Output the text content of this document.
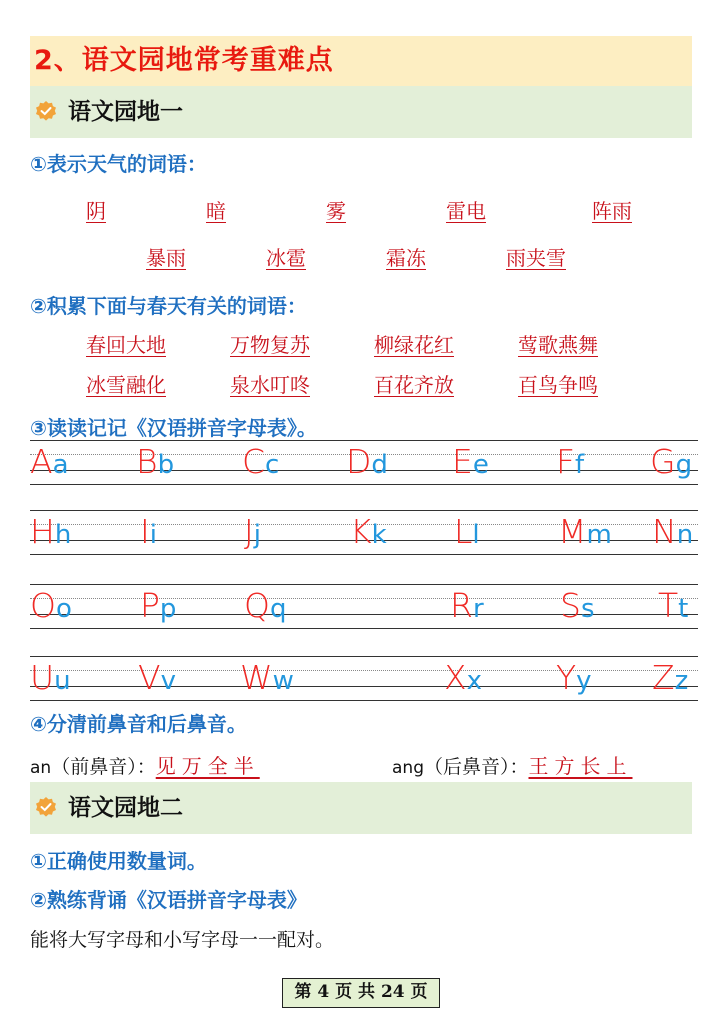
2、语文园地常考重难点
语文园地一
①表示天气的词语：
阴	暗	雾	雷电	阵雨
暴雨	冰雹	霜冻	雨夹雪
②积累下面与春天有关的词语：
春回大地	万物复苏	柳绿花红	莺歌燕舞
冰雪融化	泉水叮咚	百花齐放	百鸟争鸣
③读读记记《汉语拼音字母表》。
Aa Bb Cc Dd Ee Ff Gg
Hh Ii	Jj	Kk Ll Mm Nn
Oo Pp Qq	Rr Ss Tt
Uu Vv Ww	Xx Yy Zz
④分清前鼻音和后鼻音。
an（前鼻音）：见万全半	ang（后鼻音）：王方长上
语文园地二
①正确使用数量词。
②熟练背诵《汉语拼音字母表》
能将大写字母和小写字母一一配对。
第 4 页 共 24 页
